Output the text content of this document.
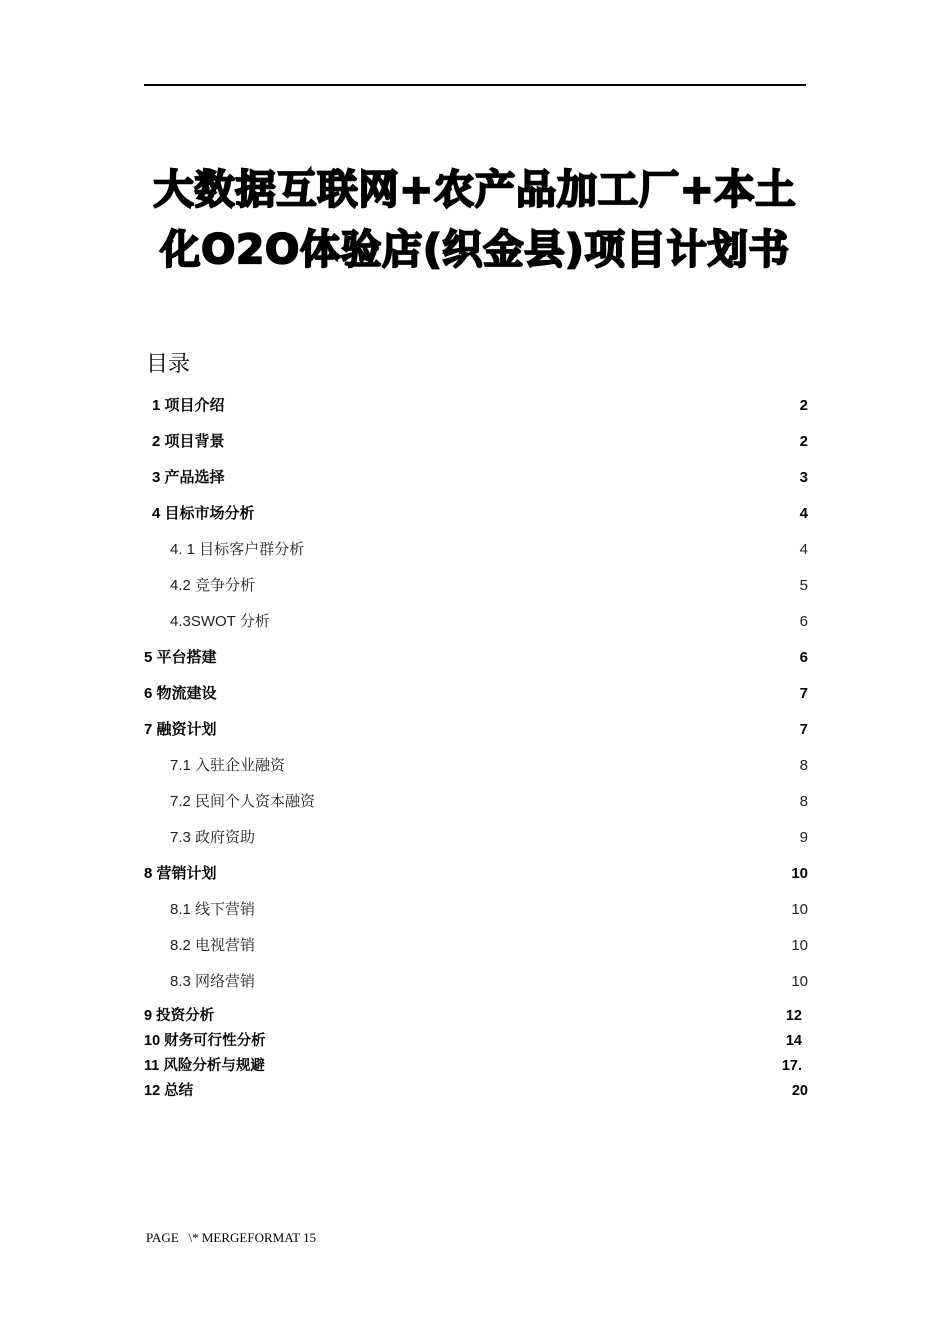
大数据互联网+农产品加工厂+本土
化O2O体验店(织金县)项目计划书
目录
1 项目介绍	2
2 项目背景	2
3 产品选择	3
4 目标市场分析	4
4. 1 目标客户群分析	4
4.2 竞争分析	5
4.3SWOT 分析	6
5 平台搭建	6
6 物流建设	7
7 融资计划	7
7.1 入驻企业融资	8
7.2 民间个人资本融资	8
7.3 政府资助	9
8 营销计划	10
8.1 线下营销	10
8.2 电视营销	10
8.3 网络营销	10
9 投资分析	12
10 财务可行性分析	14
11 风险分析与规避	17.
12 总结	20
PAGE   \* MERGEFORMAT 15
